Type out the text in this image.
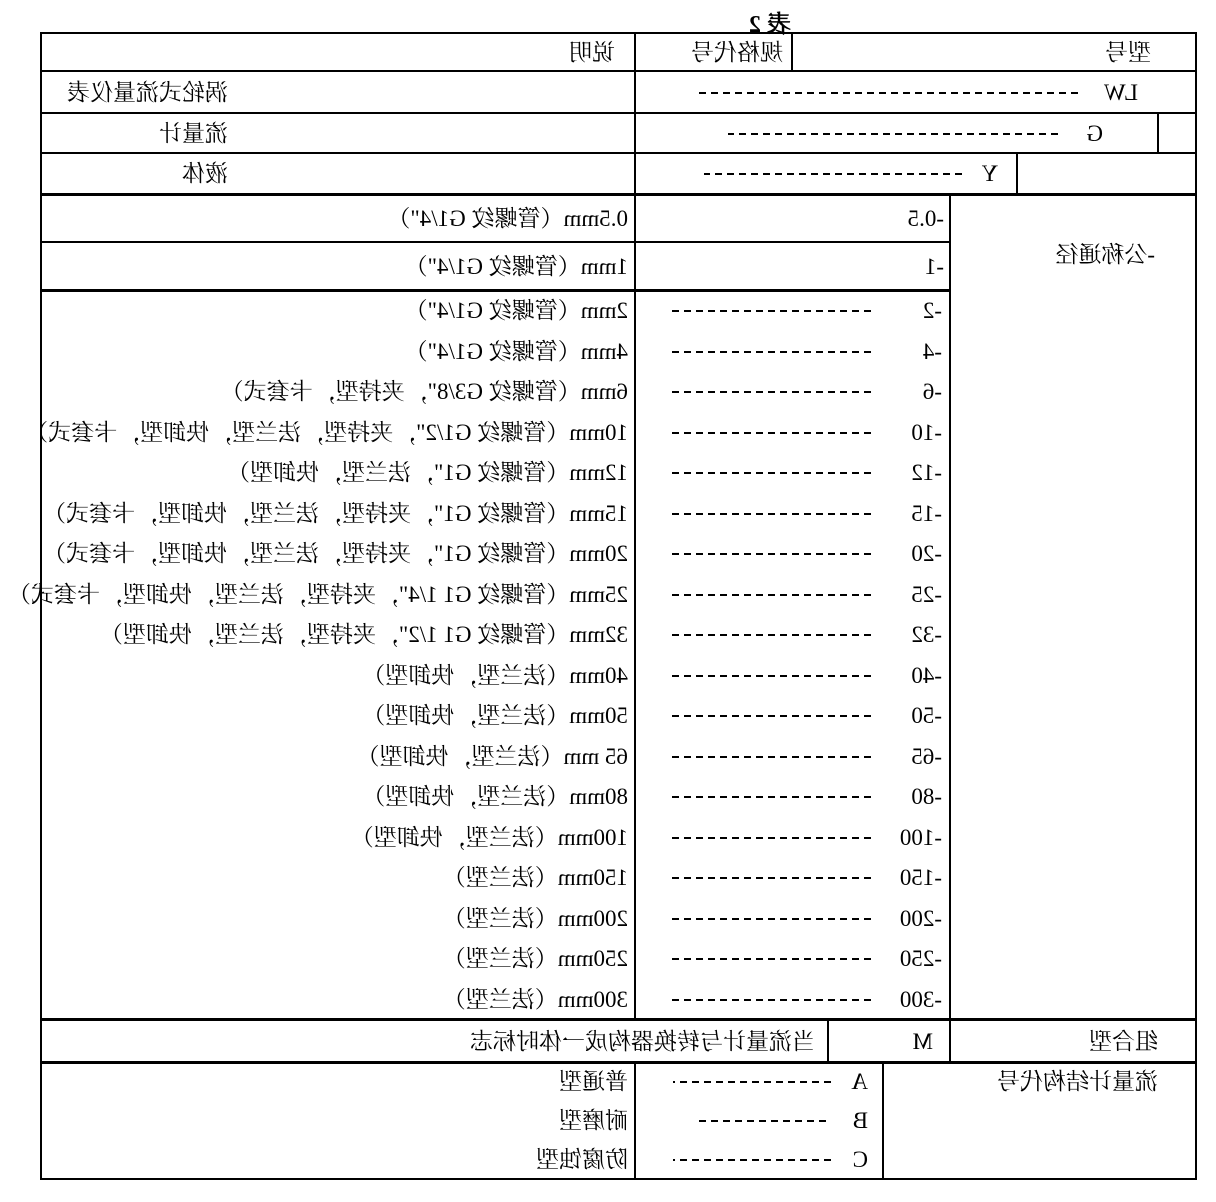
表 2
型号
规格代号
说明
-公称通径
组合型
M
当流量计与转换器构成一体时标志
流量计结构代号
LW
涡轮式流量仪表
G
流量计
Y
液体
-0.5
0.5mm（管螺纹 G1/4"）
-1
1mm（管螺纹 G1/4"）
-2
2mm（管螺纹 G1/4"）
-4
4mm（管螺纹 G1/4"）
-6
6mm（管螺纹 G3/8"，夹持型，卡套式）
-10
10mm（管螺纹 G1/2"，夹持型，法兰型，快卸型，卡套式）
-12
12mm（管螺纹 G1"，法兰型，快卸型）
-15
15mm（管螺纹 G1"，夹持型，法兰型，快卸型，卡套式）
-20
20mm（管螺纹 G1"，夹持型，法兰型，快卸型，卡套式）
-25
25mm（管螺纹 G1 1/4"，夹持型，法兰型，快卸型，卡套式）
-32
32mm（管螺纹 G1 1/2"，夹持型，法兰型，快卸型）
-40
40mm（法兰型，快卸型）
-50
50mm（法兰型，快卸型）
-65
65 mm（法兰型，快卸型）
-80
80mm（法兰型，快卸型）
-100
100mm（法兰型，快卸型）
-150
150mm（法兰型）
-200
200mm（法兰型）
-250
250mm（法兰型）
-300
300mm（法兰型）
A
普通型
B
耐磨型
C
防腐蚀型
